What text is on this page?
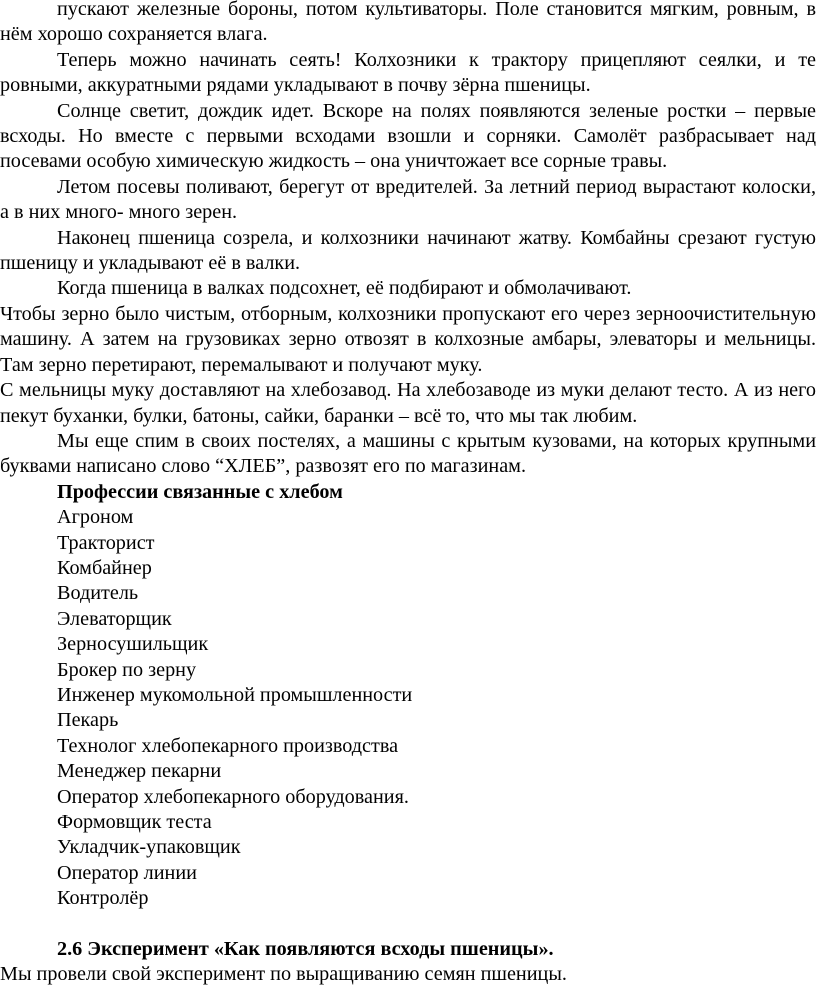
пускают железные бороны, потом культиваторы. Поле становится мягким, ровным, в нём хорошо сохраняется влага.

Теперь можно начинать сеять! Колхозники к трактору прицепляют сеялки, и те ровными, аккуратными рядами укладывают в почву зёрна пшеницы.

Солнце светит, дождик идет. Вскоре на полях появляются зеленые ростки – первые всходы. Но вместе с первыми всходами взошли и сорняки. Самолёт разбрасывает над посевами особую химическую жидкость – она уничтожает все сорные травы.

Летом посевы поливают, берегут от вредителей. За летний период вырастают колоски, а в них много- много зерен.

Наконец пшеница созрела, и колхозники начинают жатву. Комбайны срезают густую пшеницу и укладывают её в валки.

Когда пшеница в валках подсохнет, её подбирают и обмолачивают.

Чтобы зерно было чистым, отборным, колхозники пропускают его через зерноочистительную машину. А затем на грузовиках зерно отвозят в колхозные амбары, элеваторы и мельницы. Там зерно перетирают, перемалывают и получают муку.

С мельницы муку доставляют на хлебозавод. На хлебозаводе из муки делают тесто. А из него пекут буханки, булки, батоны, сайки, баранки – всё то, что мы так любим.

Мы еще спим в своих постелях, а машины с крытым кузовами, на которых крупными буквами написано слово “ХЛЕБ”, развозят его по магазинам.

Профессии связанные с хлебом

Агроном
Тракторист
Комбайнер
Водитель
Элеваторщик
Зерносушильщик
Брокер по зерну
Инженер мукомольной промышленности
Пекарь
Технолог хлебопекарного производства
Менеджер пекарни
Оператор хлебопекарного оборудования.
Формовщик теста
Укладчик-упаковщик
Оператор линии
Контролёр

2.6 Эксперимент «Как появляются всходы пшеницы».

Мы провели свой эксперимент по выращиванию семян пшеницы.
